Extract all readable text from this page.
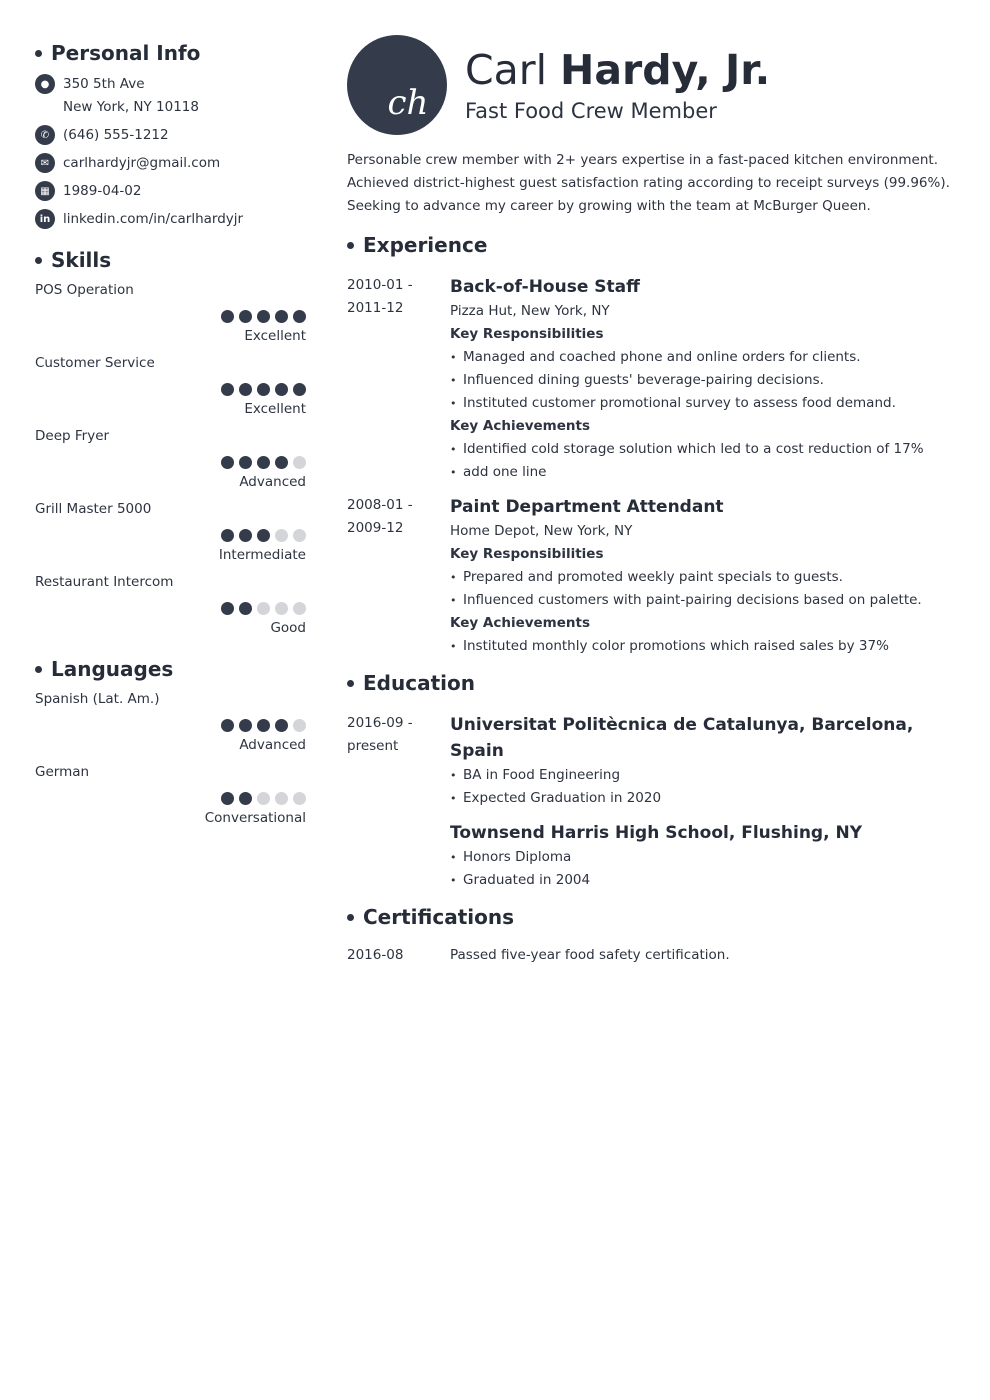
Personal Info
●	350 5th Ave
New York, NY 10118
✆	(646) 555-1212
✉	carlhardyjr@gmail.com
▦ 1989-04-02
in linkedin.com/in/carlhardyjr
Skills
POS Operation
Excellent
Customer Service
Excellent
Deep Fryer
Advanced
Grill Master 5000
Intermediate
Restaurant Intercom
Good
Languages
Spanish (Lat. Am.)
Advanced
German
Conversational
ch
Carl Hardy, Jr.
Fast Food Crew Member
Personable crew member with 2+ years expertise in a fast-paced kitchen environment. Achieved district-highest guest satisfaction rating according to receipt surveys (99.96%). Seeking to advance my career by growing with the team at McBurger Queen.
Experience
2010-01 -
2011-12
Back-of-House Staff
Pizza Hut, New York, NY
Key Responsibilities
• Managed and coached phone and online orders for clients.
• Influenced dining guests' beverage-pairing decisions.
• Instituted customer promotional survey to assess food demand.
Key Achievements
• Identified cold storage solution which led to a cost reduction of 17%
• add one line
2008-01 -
2009-12
Paint Department Attendant
Home Depot, New York, NY
Key Responsibilities
• Prepared and promoted weekly paint specials to guests.
• Influenced customers with paint-pairing decisions based on palette.
Key Achievements
• Instituted monthly color promotions which raised sales by 37%
Education
2016-09 -
present
Universitat Politècnica de Catalunya, Barcelona, Spain
• BA in Food Engineering
• Expected Graduation in 2020
Townsend Harris High School, Flushing, NY
• Honors Diploma
• Graduated in 2004
Certifications
2016-08	Passed five-year food safety certification.
